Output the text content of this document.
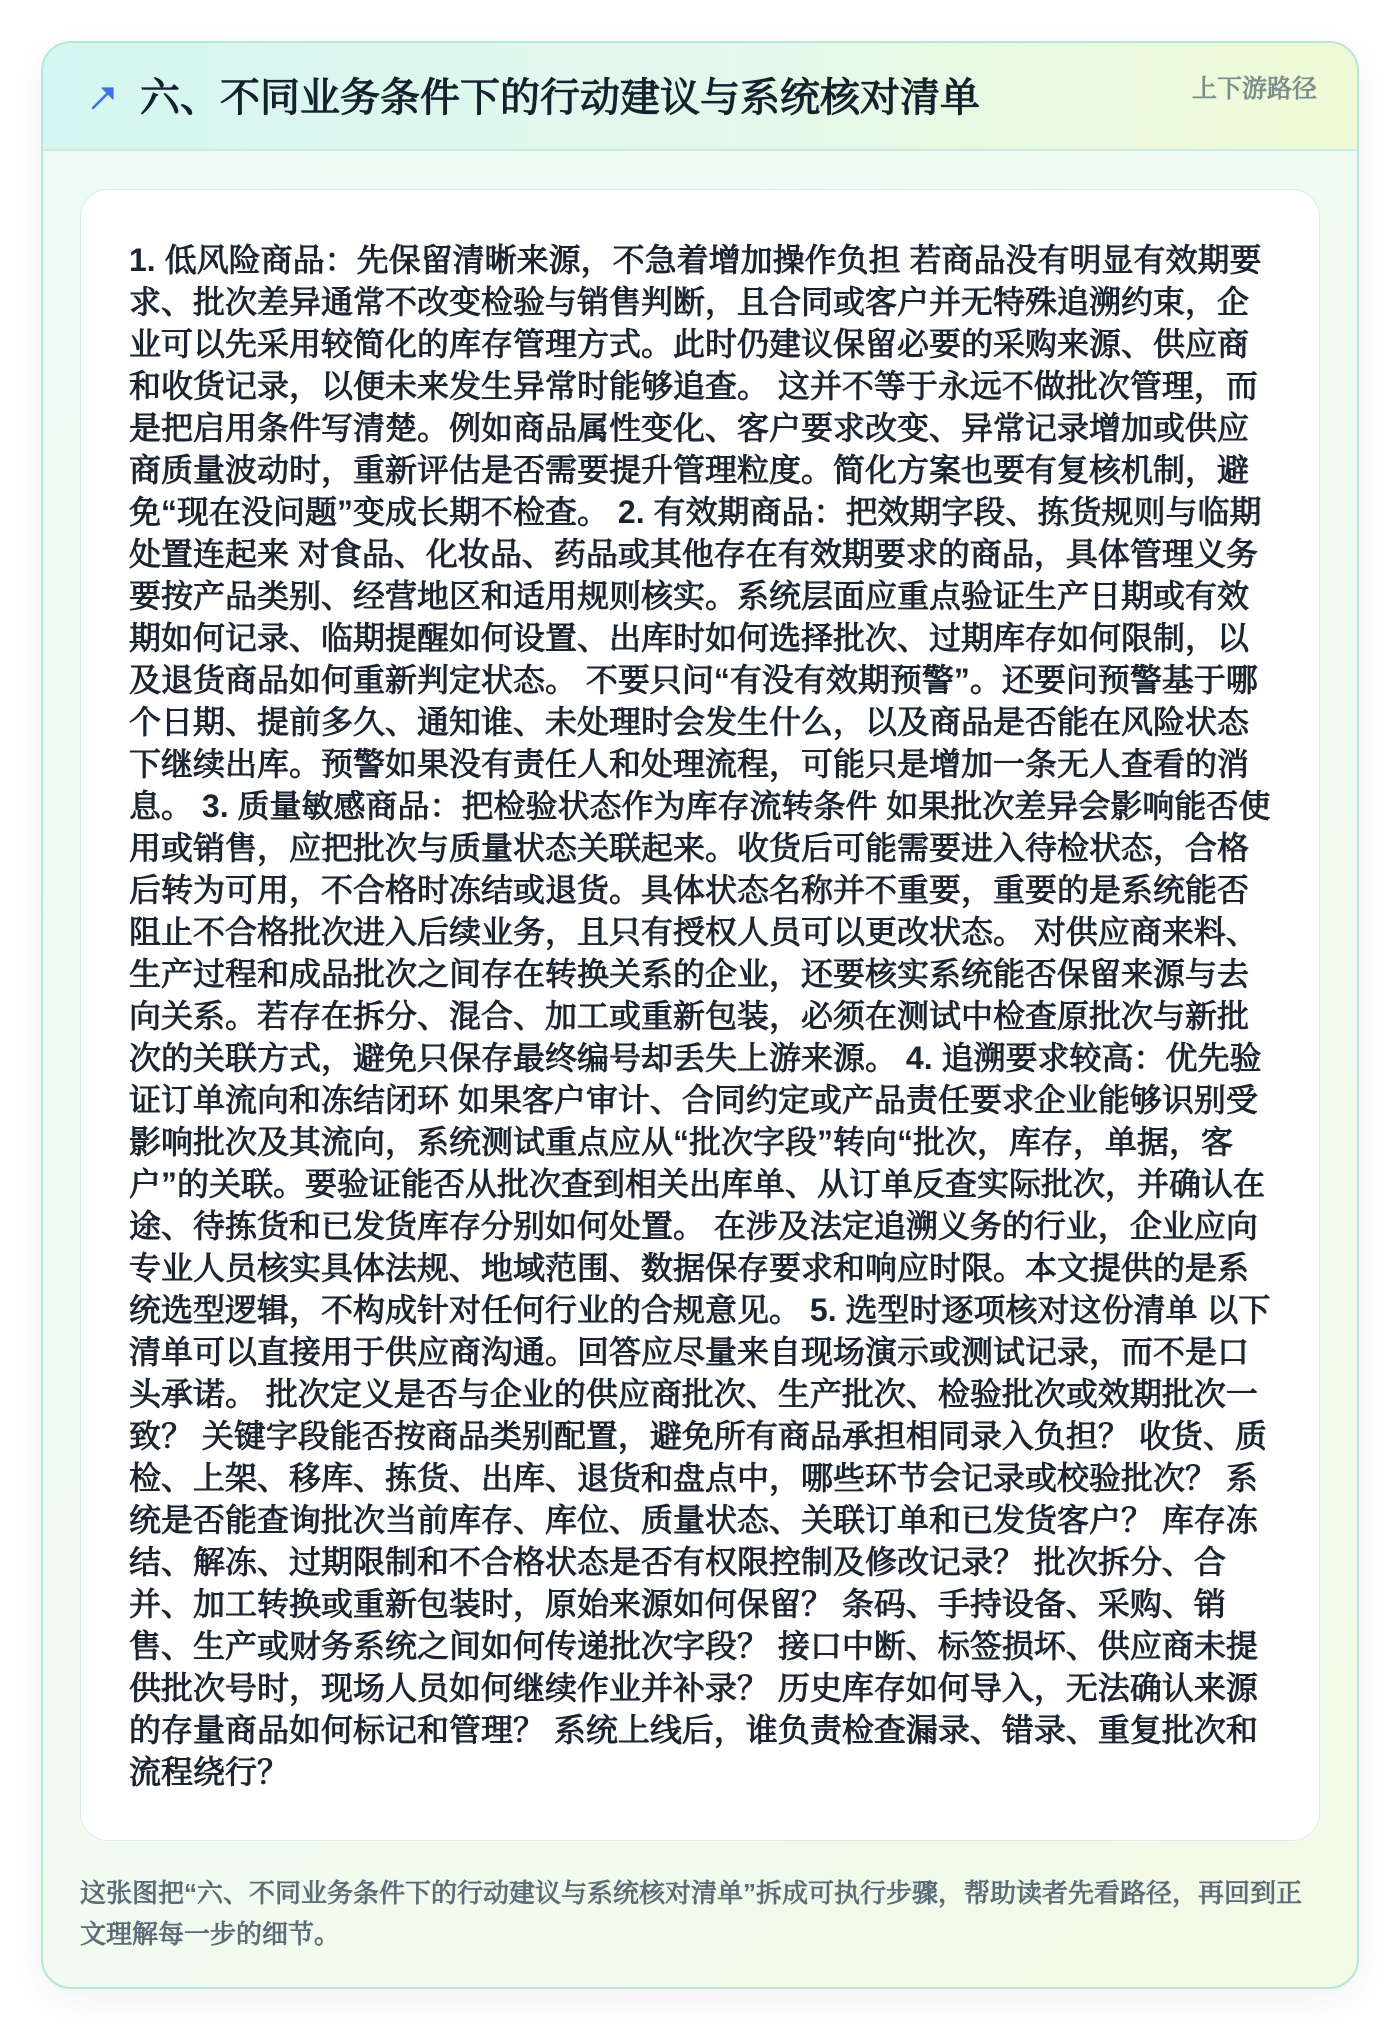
六、不同业务条件下的行动建议与系统核对清单	上下游路径
1. 低风险商品：先保留清晰来源，不急着增加操作负担 若商品没有明显有效期要求、批次差异通常不改变检验与销售判断，且合同或客户并无特殊追溯约束，企业可以先采用较简化的库存管理方式。此时仍建议保留必要的采购来源、供应商和收货记录，以便未来发生异常时能够追查。 这并不等于永远不做批次管理，而是把启用条件写清楚。例如商品属性变化、客户要求改变、异常记录增加或供应商质量波动时，重新评估是否需要提升管理粒度。简化方案也要有复核机制，避免“现在没问题”变成长期不检查。 2. 有效期商品：把效期字段、拣货规则与临期处置连起来 对食品、化妆品、药品或其他存在有效期要求的商品，具体管理义务要按产品类别、经营地区和适用规则核实。系统层面应重点验证生产日期或有效期如何记录、临期提醒如何设置、出库时如何选择批次、过期库存如何限制，以及退货商品如何重新判定状态。 不要只问“有没有效期预警”。还要问预警基于哪个日期、提前多久、通知谁、未处理时会发生什么，以及商品是否能在风险状态下继续出库。预警如果没有责任人和处理流程，可能只是增加一条无人查看的消息。 3. 质量敏感商品：把检验状态作为库存流转条件 如果批次差异会影响能否使用或销售，应把批次与质量状态关联起来。收货后可能需要进入待检状态，合格后转为可用，不合格时冻结或退货。具体状态名称并不重要，重要的是系统能否阻止不合格批次进入后续业务，且只有授权人员可以更改状态。 对供应商来料、生产过程和成品批次之间存在转换关系的企业，还要核实系统能否保留来源与去向关系。若存在拆分、混合、加工或重新包装，必须在测试中检查原批次与新批次的关联方式，避免只保存最终编号却丢失上游来源。 4. 追溯要求较高：优先验证订单流向和冻结闭环 如果客户审计、合同约定或产品责任要求企业能够识别受影响批次及其流向，系统测试重点应从“批次字段”转向“批次，库存，单据，客户”的关联。要验证能否从批次查到相关出库单、从订单反查实际批次，并确认在途、待拣货和已发货库存分别如何处置。 在涉及法定追溯义务的行业，企业应向专业人员核实具体法规、地域范围、数据保存要求和响应时限。本文提供的是系统选型逻辑，不构成针对任何行业的合规意见。 5. 选型时逐项核对这份清单 以下清单可以直接用于供应商沟通。回答应尽量来自现场演示或测试记录，而不是口头承诺。 批次定义是否与企业的供应商批次、生产批次、检验批次或效期批次一致？ 关键字段能否按商品类别配置，避免所有商品承担相同录入负担？ 收货、质检、上架、移库、拣货、出库、退货和盘点中，哪些环节会记录或校验批次？ 系统是否能查询批次当前库存、库位、质量状态、关联订单和已发货客户？ 库存冻结、解冻、过期限制和不合格状态是否有权限控制及修改记录？ 批次拆分、合并、加工转换或重新包装时，原始来源如何保留？ 条码、手持设备、采购、销售、生产或财务系统之间如何传递批次字段？ 接口中断、标签损坏、供应商未提供批次号时，现场人员如何继续作业并补录？ 历史库存如何导入，无法确认来源的存量商品如何标记和管理？ 系统上线后，谁负责检查漏录、错录、重复批次和流程绕行？
这张图把“六、不同业务条件下的行动建议与系统核对清单”拆成可执行步骤，帮助读者先看路径，再回到正文理解每一步的细节。
